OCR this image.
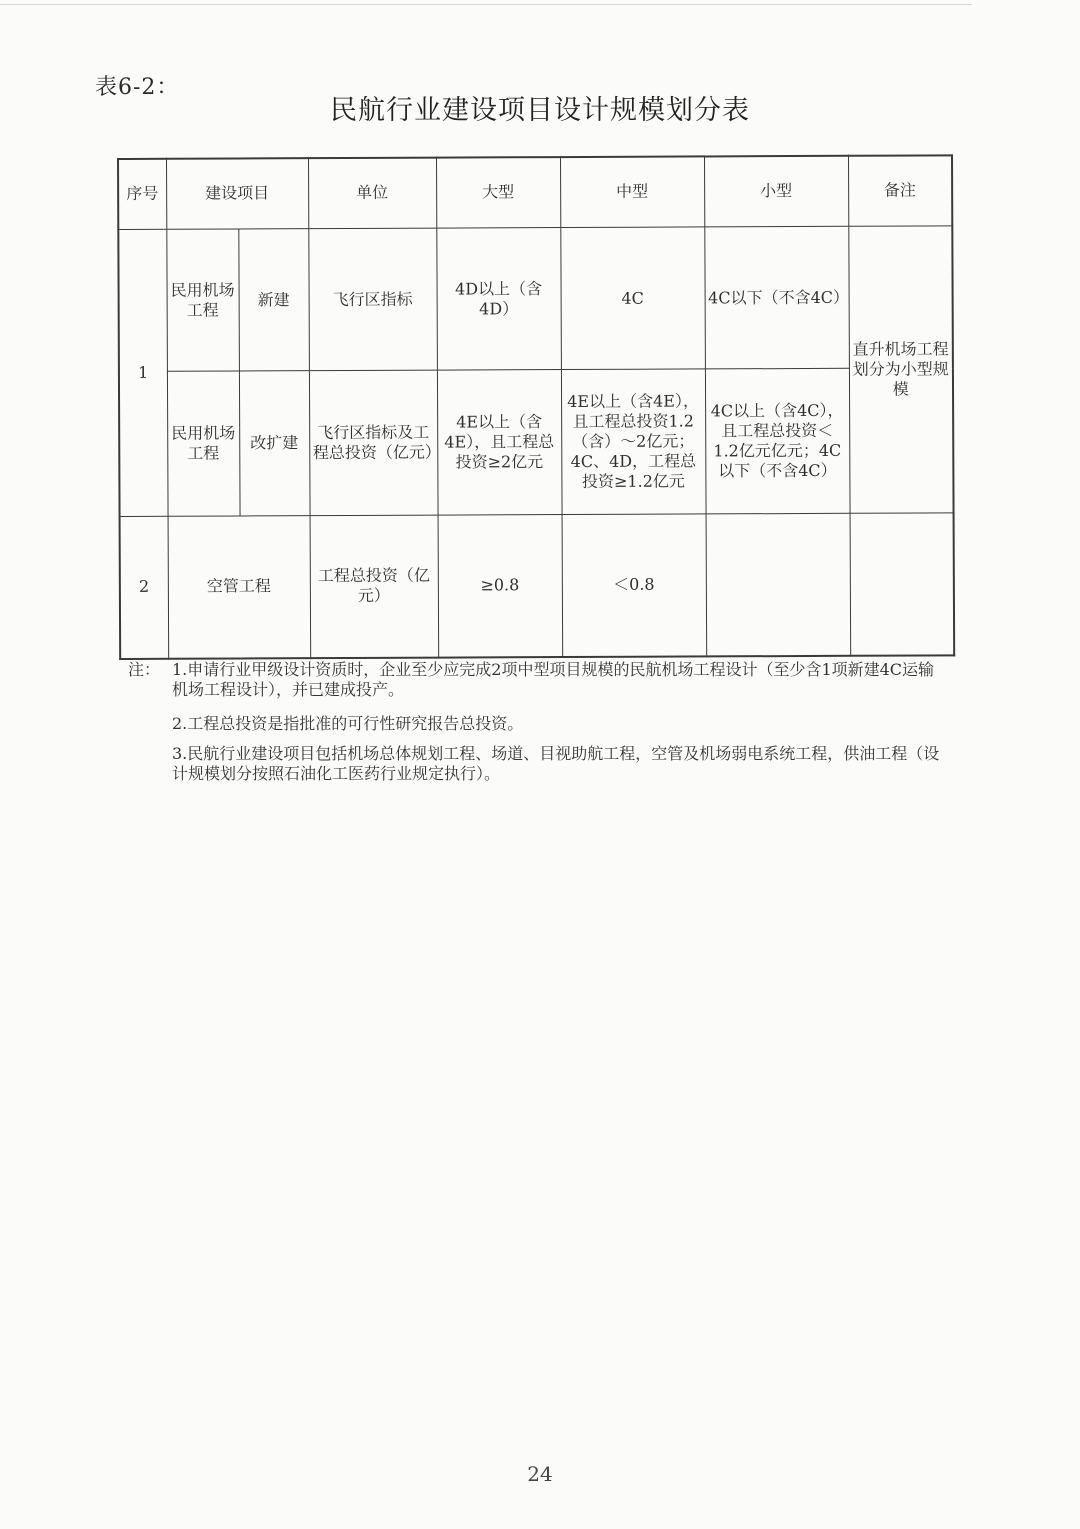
表6-2：
民航行业建设项目设计规模划分表
序号	建设项目		单位	大型	中型	小型	备注
1	民用机场工程	新建	飞行区指标	4D以上（含4D）	4C	4C以下（不含4C）	直升机场工程划分为小型规模
	民用机场工程	改扩建	飞行区指标及工程总投资（亿元）	4E以上（含4E），且工程总投资≥2亿元	4E以上（含4E），且工程总投资1.2（含）～2亿元；4C、4D，工程总投资≥1.2亿元	4C以上（含4C），且工程总投资＜1.2亿元亿元；4C以下（不含4C）	
2	空管工程		工程总投资（亿元）	≥0.8	＜0.8		
注： 1.申请行业甲级设计资质时，企业至少应完成2项中型项目规模的民航机场工程设计（至少含1项新建4C运输机场工程设计），并已建成投产。
2.工程总投资是指批准的可行性研究报告总投资。
3.民航行业建设项目包括机场总体规划工程、场道、目视助航工程，空管及机场弱电系统工程，供油工程（设计规模划分按照石油化工医药行业规定执行）。
24
